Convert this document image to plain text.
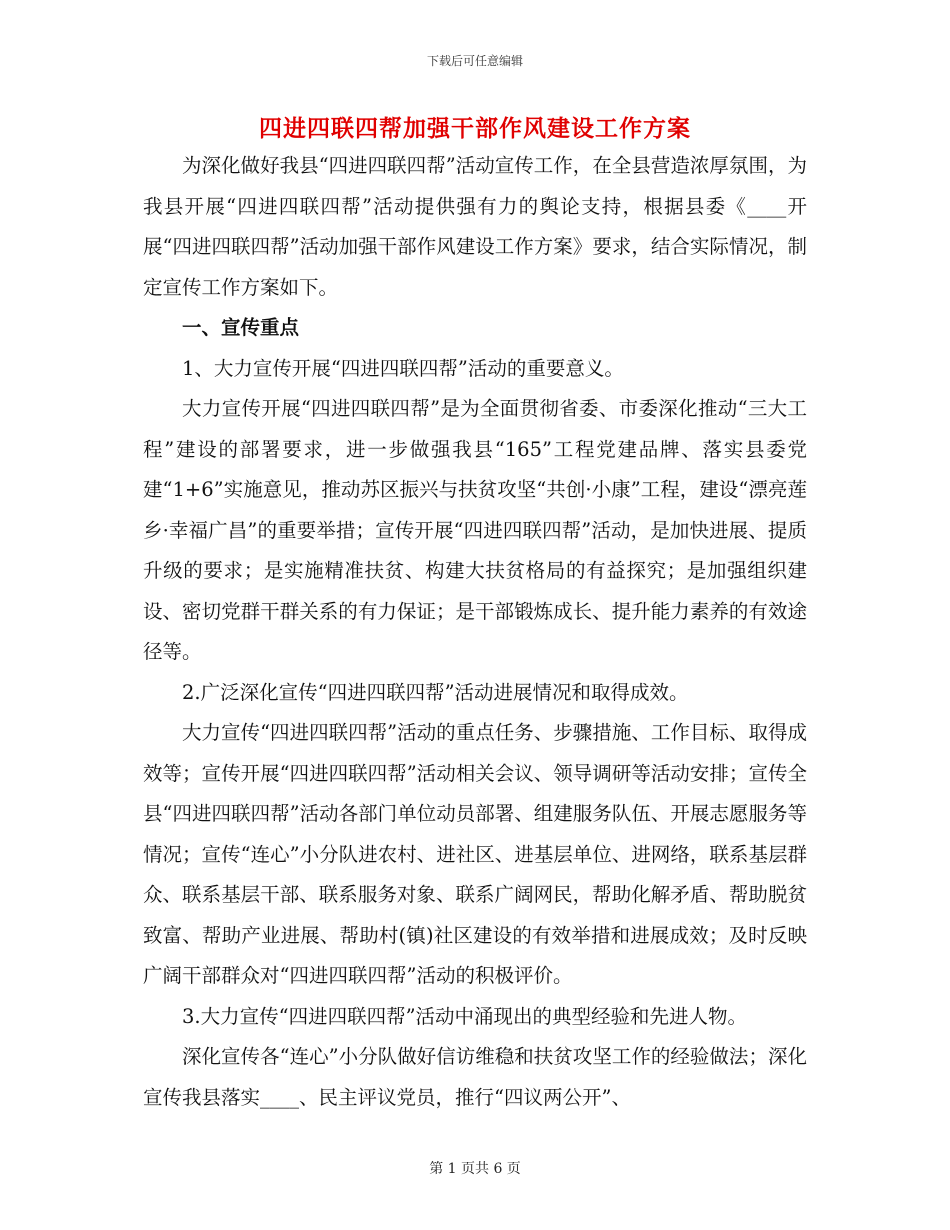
下载后可任意编辑
四进四联四帮加强干部作风建设工作方案

为深化做好我县“四进四联四帮”活动宣传工作，在全县营造浓厚氛围，为我县开展“四进四联四帮”活动提供强有力的舆论支持，根据县委《____开展“四进四联四帮”活动加强干部作风建设工作方案》要求，结合实际情况，制定宣传工作方案如下。

一、宣传重点

1、大力宣传开展“四进四联四帮”活动的重要意义。

大力宣传开展“四进四联四帮”是为全面贯彻省委、市委深化推动“三大工程”建设的部署要求，进一步做强我县“165”工程党建品牌、落实县委党建“1+6”实施意见，推动苏区振兴与扶贫攻坚“共创·小康”工程，建设“漂亮莲乡·幸福广昌”的重要举措；宣传开展“四进四联四帮”活动，是加快进展、提质升级的要求；是实施精准扶贫、构建大扶贫格局的有益探究；是加强组织建设、密切党群干群关系的有力保证；是干部锻炼成长、提升能力素养的有效途径等。

2.广泛深化宣传“四进四联四帮”活动进展情况和取得成效。

大力宣传“四进四联四帮”活动的重点任务、步骤措施、工作目标、取得成效等；宣传开展“四进四联四帮”活动相关会议、领导调研等活动安排；宣传全县“四进四联四帮”活动各部门单位动员部署、组建服务队伍、开展志愿服务等情况；宣传“连心”小分队进农村、进社区、进基层单位、进网络，联系基层群众、联系基层干部、联系服务对象、联系广阔网民，帮助化解矛盾、帮助脱贫致富、帮助产业进展、帮助村(镇)社区建设的有效举措和进展成效；及时反映广阔干部群众对“四进四联四帮”活动的积极评价。

3.大力宣传“四进四联四帮”活动中涌现出的典型经验和先进人物。

深化宣传各“连心”小分队做好信访维稳和扶贫攻坚工作的经验做法；深化宣传我县落实____、民主评议党员，推行“四议两公开”、

第 1 页共 6 页
